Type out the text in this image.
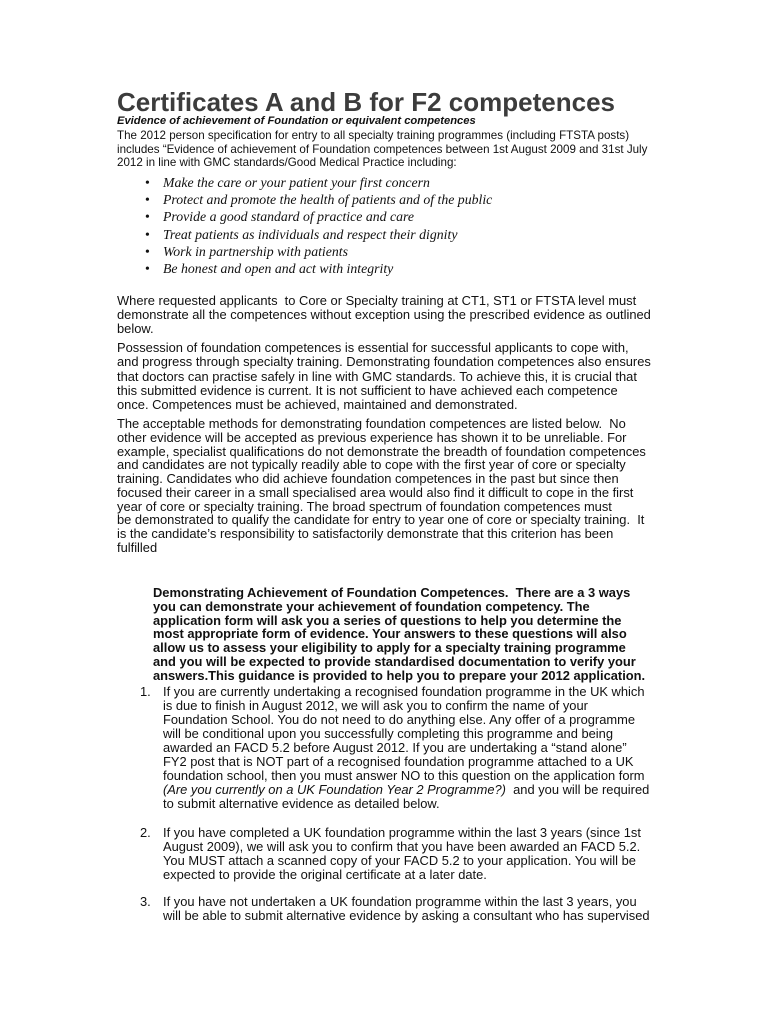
Certificates A and B for F2 competences
Evidence of achievement of Foundation or equivalent competences
The 2012 person specification for entry to all specialty training programmes (including FTSTA posts)
includes “Evidence of achievement of Foundation competences between 1st August 2009 and 31st July
2012 in line with GMC standards/Good Medical Practice including:
• Make the care or your patient your first concern
• Protect and promote the health of patients and of the public
• Provide a good standard of practice and care
• Treat patients as individuals and respect their dignity
• Work in partnership with patients
• Be honest and open and act with integrity
Where requested applicants  to Core or Specialty training at CT1, ST1 or FTSTA level must
demonstrate all the competences without exception using the prescribed evidence as outlined
below.
Possession of foundation competences is essential for successful applicants to cope with,
and progress through specialty training. Demonstrating foundation competences also ensures
that doctors can practise safely in line with GMC standards. To achieve this, it is crucial that
this submitted evidence is current. It is not sufficient to have achieved each competence
once. Competences must be achieved, maintained and demonstrated.
The acceptable methods for demonstrating foundation competences are listed below.  No
other evidence will be accepted as previous experience has shown it to be unreliable. For
example, specialist qualifications do not demonstrate the breadth of foundation competences
and candidates are not typically readily able to cope with the first year of core or specialty
training. Candidates who did achieve foundation competences in the past but since then
focused their career in a small specialised area would also find it difficult to cope in the first
year of core or specialty training. The broad spectrum of foundation competences must
be demonstrated to qualify the candidate for entry to year one of core or specialty training.  It
is the candidate’s responsibility to satisfactorily demonstrate that this criterion has been
fulfilled
Demonstrating Achievement of Foundation Competences.  There are a 3 ways
you can demonstrate your achievement of foundation competency. The
application form will ask you a series of questions to help you determine the
most appropriate form of evidence. Your answers to these questions will also
allow us to assess your eligibility to apply for a specialty training programme
and you will be expected to provide standardised documentation to verify your
answers.This guidance is provided to help you to prepare your 2012 application.
1. If you are currently undertaking a recognised foundation programme in the UK which
is due to finish in August 2012, we will ask you to confirm the name of your
Foundation School. You do not need to do anything else. Any offer of a programme
will be conditional upon you successfully completing this programme and being
awarded an FACD 5.2 before August 2012. If you are undertaking a “stand alone”
FY2 post that is NOT part of a recognised foundation programme attached to a UK
foundation school, then you must answer NO to this question on the application form
(Are you currently on a UK Foundation Year 2 Programme?)  and you will be required
to submit alternative evidence as detailed below.
2. If you have completed a UK foundation programme within the last 3 years (since 1st
August 2009), we will ask you to confirm that you have been awarded an FACD 5.2.
You MUST attach a scanned copy of your FACD 5.2 to your application. You will be
expected to provide the original certificate at a later date.
3. If you have not undertaken a UK foundation programme within the last 3 years, you
will be able to submit alternative evidence by asking a consultant who has supervised
